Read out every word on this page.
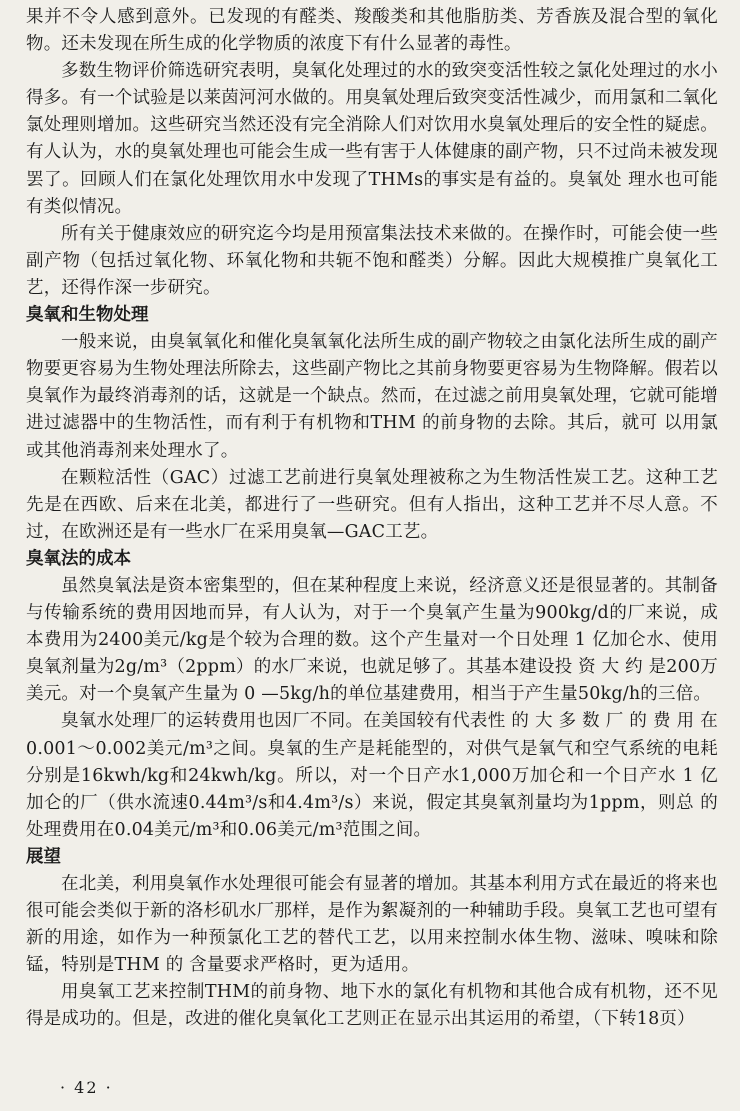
果并不令人感到意外。已发现的有醛类、羧酸类和其他脂肪类、芳香族及混合型的氧化物。还未发现在所生成的化学物质的浓度下有什么显著的毒性。

多数生物评价筛选研究表明，臭氧化处理过的水的致突变活性较之氯化处理过的水小得多。有一个试验是以莱茵河河水做的。用臭氧处理后致突变活性减少，而用氯和二氧化氯处理则增加。这些研究当然还没有完全消除人们对饮用水臭氧处理后的安全性的疑虑。有人认为，水的臭氧处理也可能会生成一些有害于人体健康的副产物，只不过尚未被发现罢了。回顾人们在氯化处理饮用水中发现了THMs的事实是有益的。臭氧处 理水也可能有类似情况。

所有关于健康效应的研究迄今均是用预富集法技术来做的。在操作时，可能会使一些副产物（包括过氧化物、环氧化物和共轭不饱和醛类）分解。因此大规模推广臭氧化工艺，还得作深一步研究。

臭氧和生物处理

一般来说，由臭氧氧化和催化臭氧氧化法所生成的副产物较之由氯化法所生成的副产物要更容易为生物处理法所除去，这些副产物比之其前身物要更容易为生物降解。假若以臭氧作为最终消毒剂的话，这就是一个缺点。然而，在过滤之前用臭氧处理，它就可能增进过滤器中的生物活性，而有利于有机物和THM 的前身物的去除。其后，就可 以用氯或其他消毒剂来处理水了。

在颗粒活性（GAC）过滤工艺前进行臭氧处理被称之为生物活性炭工艺。这种工艺先是在西欧、后来在北美，都进行了一些研究。但有人指出，这种工艺并不尽人意。不过，在欧洲还是有一些水厂在采用臭氧—GAC工艺。

臭氧法的成本

虽然臭氧法是资本密集型的，但在某种程度上来说，经济意义还是很显著的。其制备与传输系统的费用因地而异，有人认为，对于一个臭氧产生量为900kg/d的厂来说，成本费用为2400美元/kg是个较为合理的数。这个产生量对一个日处理 1 亿加仑水、使用臭氧剂量为2g/m³（2ppm）的水厂来说，也就足够了。其基本建设投 资 大 约 是200万 美元。对一个臭氧产生量为 0 —5kg/h的单位基建费用，相当于产生量50kg/h的三倍。

臭氧水处理厂的运转费用也因厂不同。在美国较有代表性 的 大 多 数 厂 的 费 用 在0.001～0.002美元/m³之间。臭氧的生产是耗能型的，对供气是氧气和空气系统的电耗分别是16kwh/kg和24kwh/kg。所以，对一个日产水1,000万加仑和一个日产水 1 亿 加仑的厂（供水流速0.44m³/s和4.4m³/s）来说，假定其臭氧剂量均为1ppm，则总 的 处理费用在0.04美元/m³和0.06美元/m³范围之间。

展望

在北美，利用臭氧作水处理很可能会有显著的增加。其基本利用方式在最近的将来也很可能会类似于新的洛杉矶水厂那样，是作为絮凝剂的一种辅助手段。臭氧工艺也可望有新的用途，如作为一种预氯化工艺的替代工艺，以用来控制水体生物、滋味、嗅味和除锰，特别是THM 的 含量要求严格时，更为适用。

用臭氧工艺来控制THM的前身物、地下水的氯化有机物和其他合成有机物，还不见得是成功的。但是，改进的催化臭氧化工艺则正在显示出其运用的希望，（下转18页）

· 42 ·
